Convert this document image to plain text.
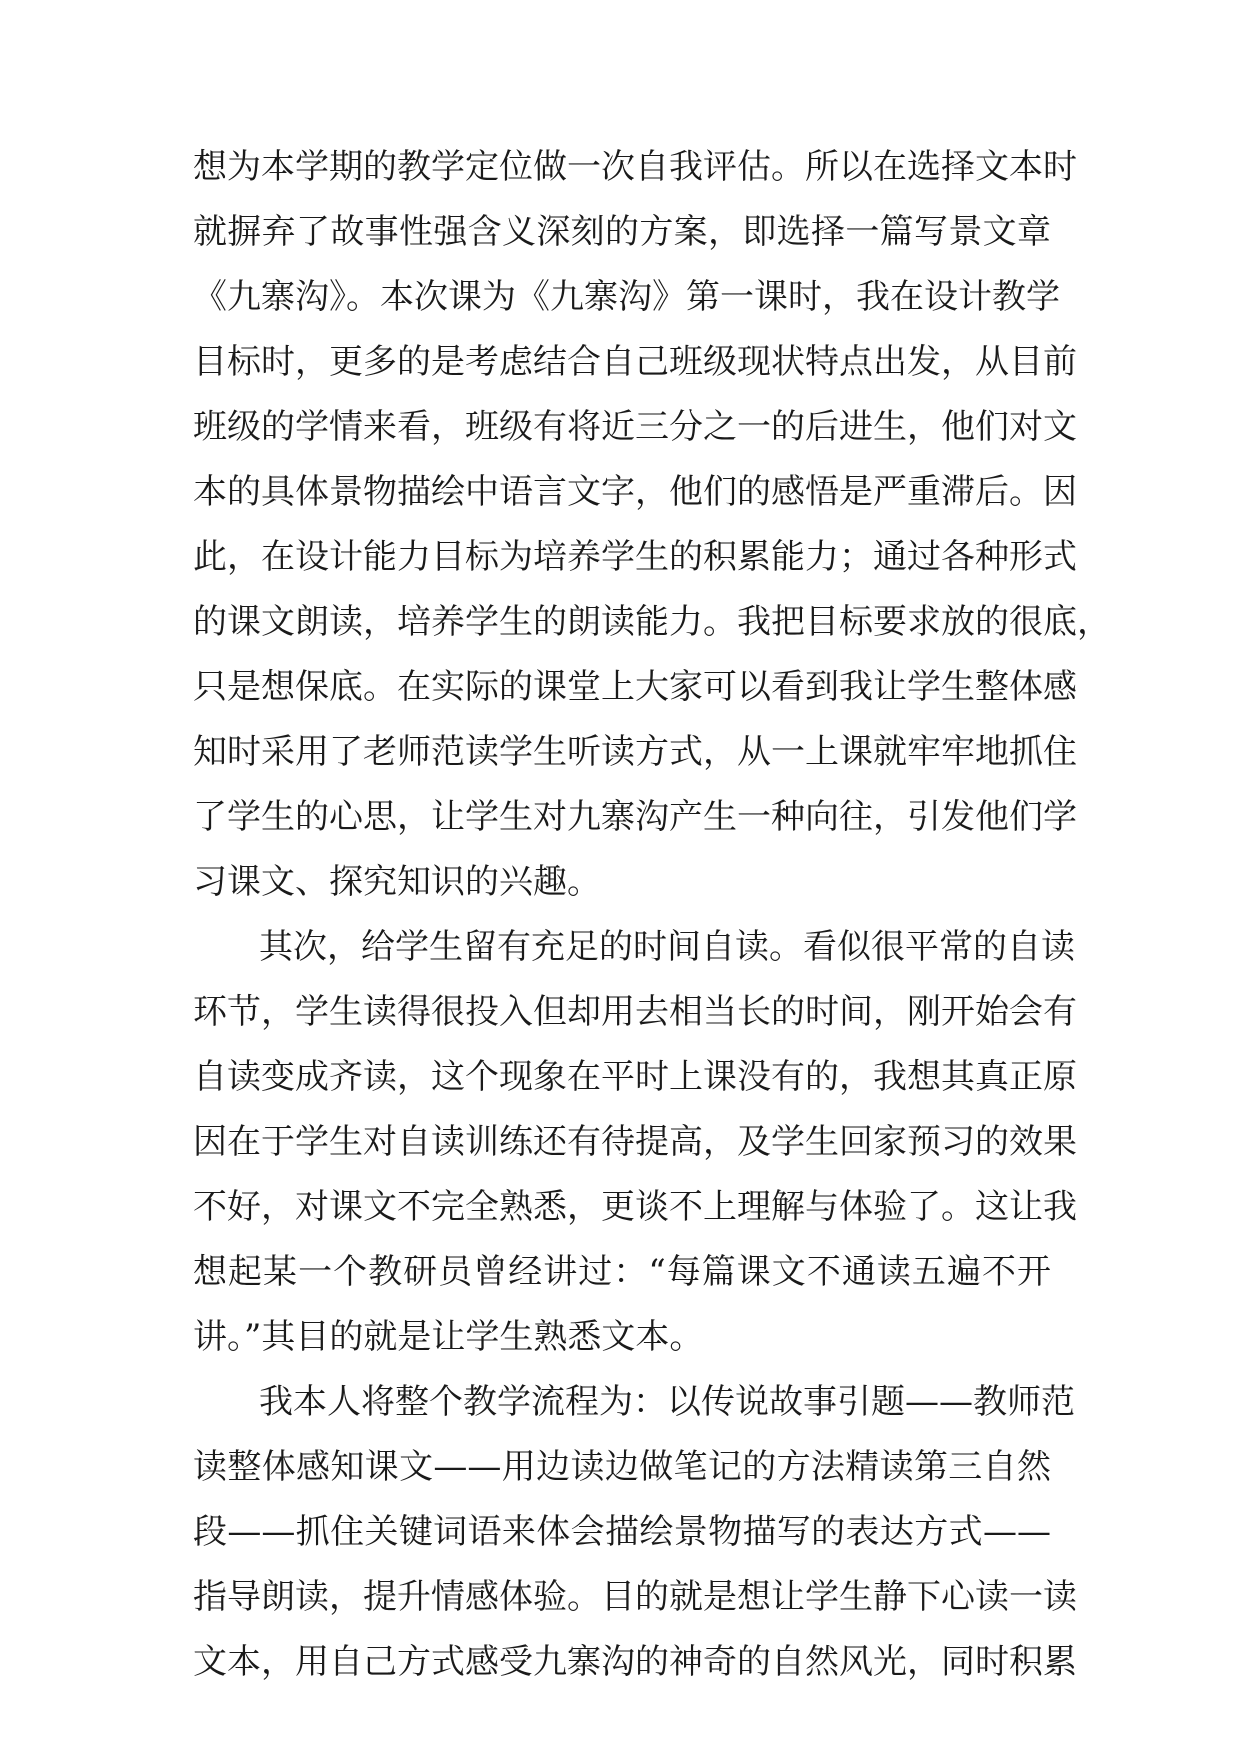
想为本学期的教学定位做一次自我评估。所以在选择文本时
就摒弃了故事性强含义深刻的方案，即选择一篇写景文章
《九寨沟》。本次课为《九寨沟》第一课时，我在设计教学
目标时，更多的是考虑结合自己班级现状特点出发，从目前
班级的学情来看，班级有将近三分之一的后进生，他们对文
本的具体景物描绘中语言文字，他们的感悟是严重滞后。因
此，在设计能力目标为培养学生的积累能力；通过各种形式
的课文朗读，培养学生的朗读能力。我把目标要求放的很底，
只是想保底。在实际的课堂上大家可以看到我让学生整体感
知时采用了老师范读学生听读方式，从一上课就牢牢地抓住
了学生的心思，让学生对九寨沟产生一种向往，引发他们学
习课文、探究知识的兴趣。
其次，给学生留有充足的时间自读。看似很平常的自读
环节，学生读得很投入但却用去相当长的时间，刚开始会有
自读变成齐读，这个现象在平时上课没有的，我想其真正原
因在于学生对自读训练还有待提高，及学生回家预习的效果
不好，对课文不完全熟悉，更谈不上理解与体验了。这让我
想起某一个教研员曾经讲过：“每篇课文不通读五遍不开
讲。”其目的就是让学生熟悉文本。
我本人将整个教学流程为：以传说故事引题——教师范
读整体感知课文——用边读边做笔记的方法精读第三自然
段——抓住关键词语来体会描绘景物描写的表达方式——
指导朗读，提升情感体验。目的就是想让学生静下心读一读
文本，用自己方式感受九寨沟的神奇的自然风光，同时积累
